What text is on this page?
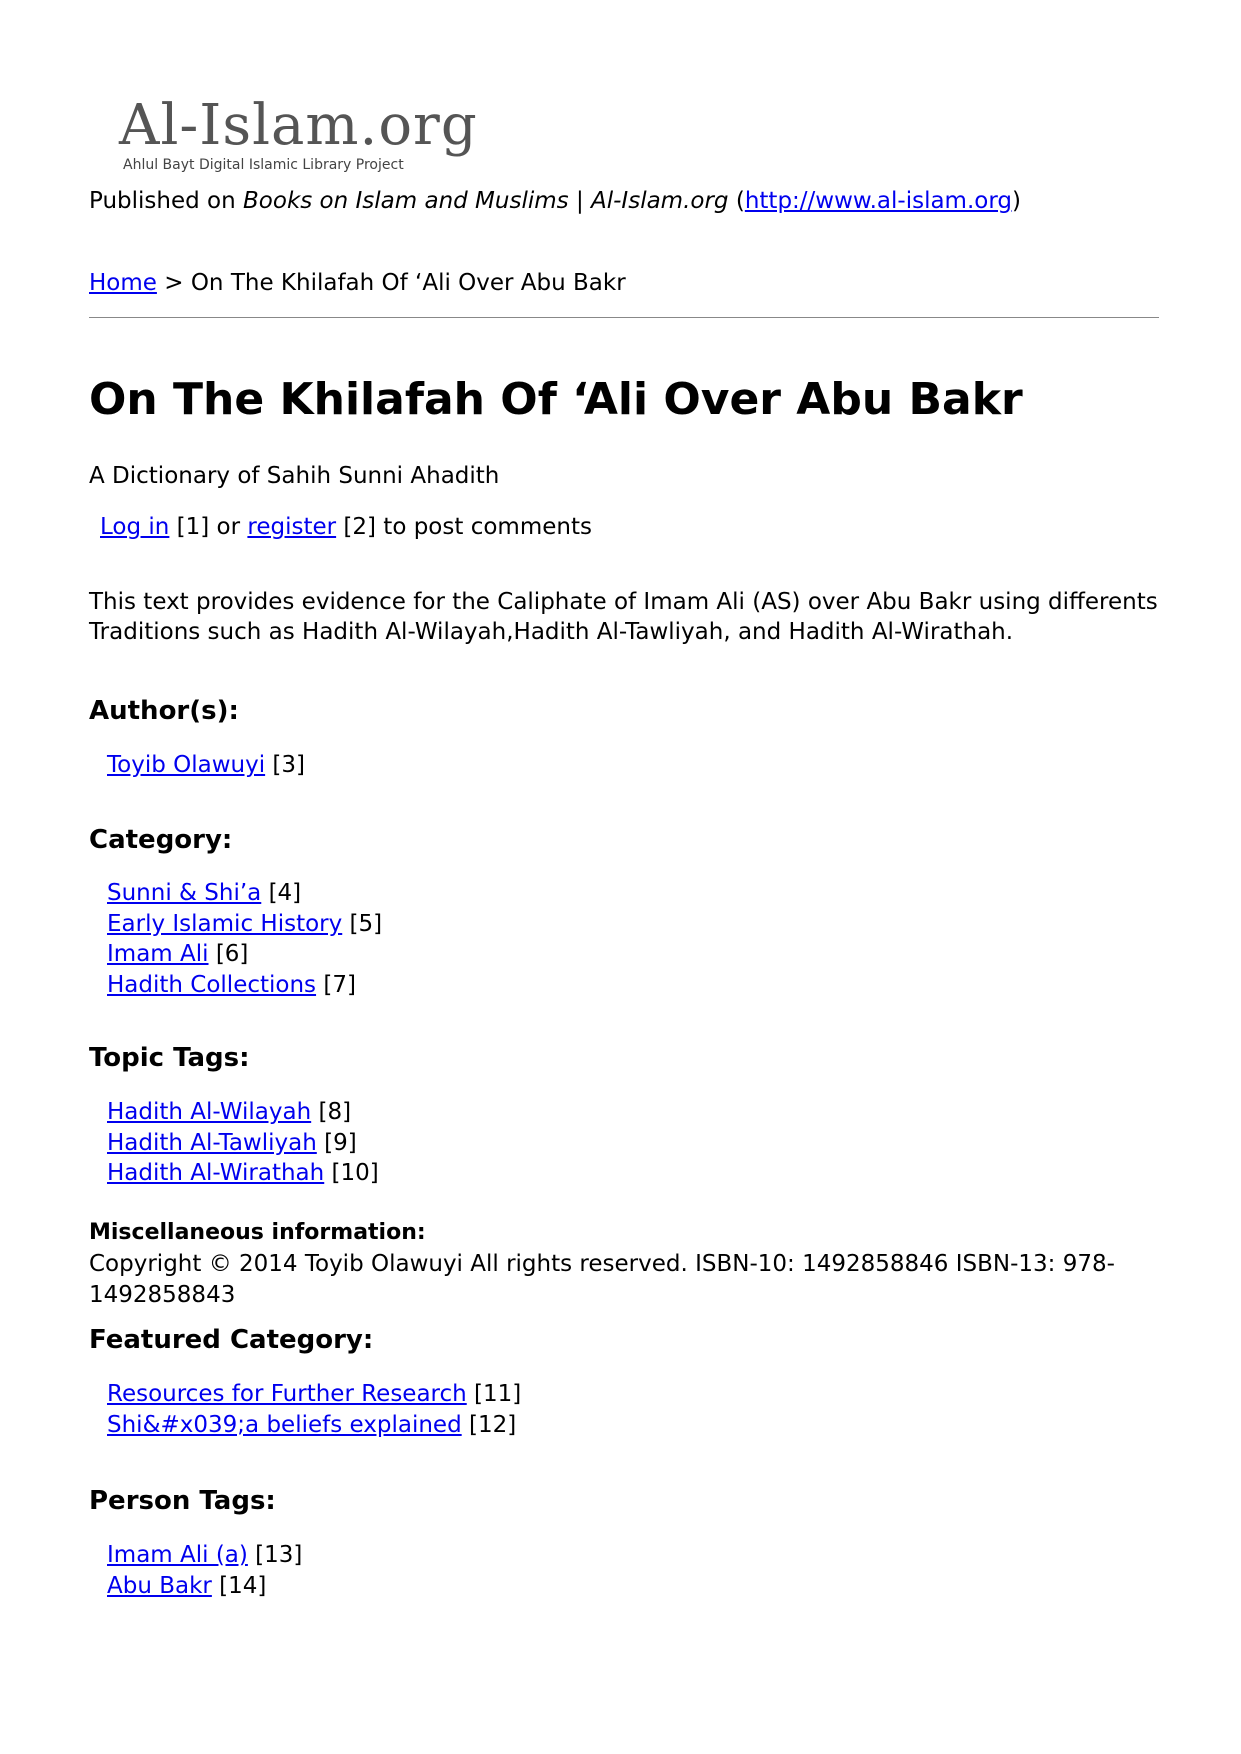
Al-Islam.org
Ahlul Bayt Digital Islamic Library Project
Published on Books on Islam and Muslims | Al-Islam.org (http://www.al-islam.org)
Home > On The Khilafah Of ‘Ali Over Abu Bakr
On The Khilafah Of ‘Ali Over Abu Bakr
A Dictionary of Sahih Sunni Ahadith
Log in [1] or register [2] to post comments
This text provides evidence for the Caliphate of Imam Ali (AS) over Abu Bakr using differents Traditions such as Hadith Al-Wilayah,Hadith Al-Tawliyah, and Hadith Al-Wirathah.
Author(s):
Toyib Olawuyi [3]
Category:
Sunni & Shi’a [4]
Early Islamic History [5]
Imam Ali [6]
Hadith Collections [7]
Topic Tags:
Hadith Al-Wilayah [8]
Hadith Al-Tawliyah [9]
Hadith Al-Wirathah [10]
Miscellaneous information:
Copyright © 2014 Toyib Olawuyi All rights reserved. ISBN-10: 1492858846 ISBN-13: 978-1492858843
Featured Category:
Resources for Further Research [11]
Shi&#x039;a beliefs explained [12]
Person Tags:
Imam Ali (a) [13]
Abu Bakr [14]
